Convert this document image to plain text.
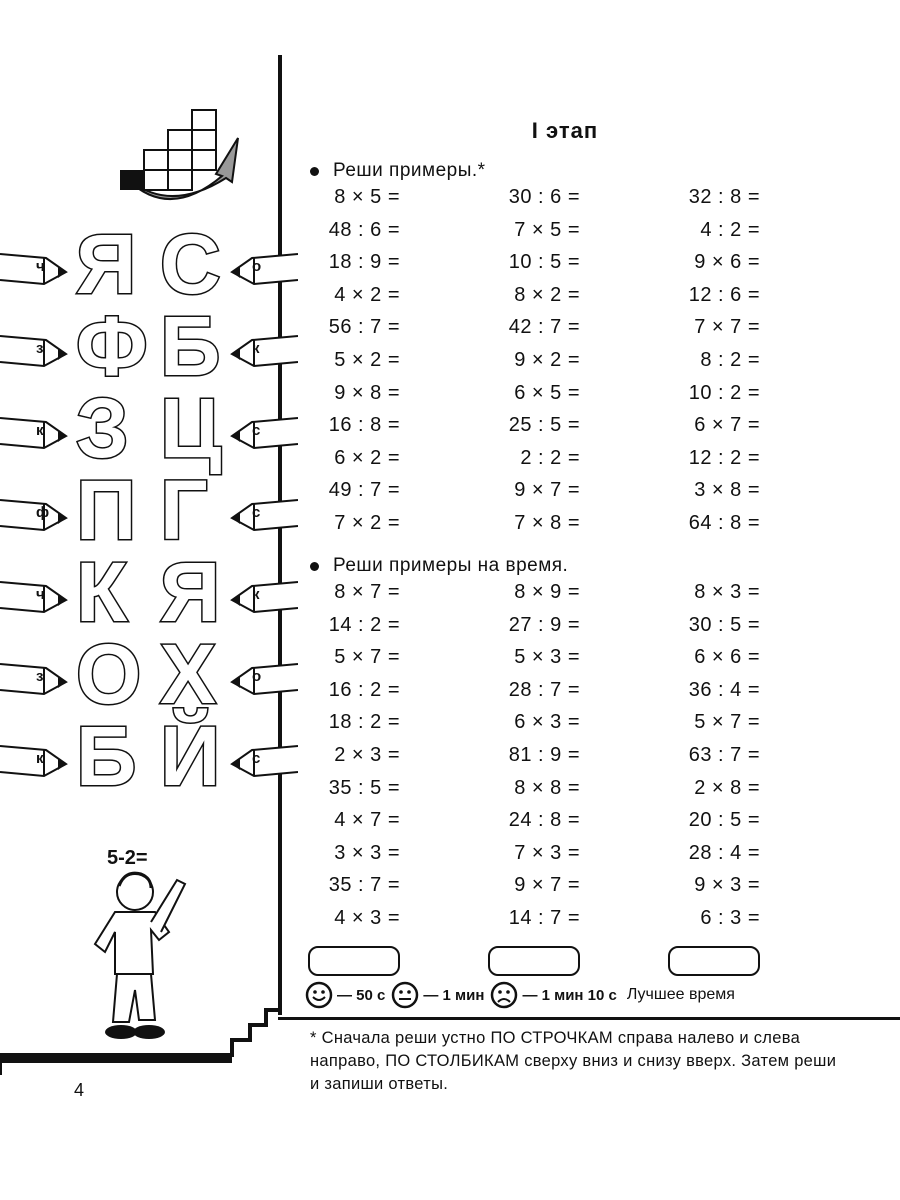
ч Я С о
з Ф Б к
к З Ц с
ф П Г	с
ч К Я к
з О Х о
к Б Й с
5-2=
I этап
Реши примеры.*
8 × 5 =	30 : 6 =	32 : 8 =
48 : 6 =	7 × 5 =	4 : 2 =
18 : 9 =	10 : 5 =	9 × 6 =
4 × 2 =	8 × 2 =	12 : 6 =
56 : 7 =	42 : 7 =	7 × 7 =
5 × 2 =	9 × 2 =	8 : 2 =
9 × 8 =	6 × 5 =	10 : 2 =
16 : 8 =	25 : 5 =	6 × 7 =
6 × 2 =	2 : 2 =	12 : 2 =
49 : 7 =	9 × 7 =	3 × 8 =
7 × 2 =	7 × 8 =	64 : 8 =
Реши примеры на время.
8 × 7 =	8 × 9 =	8 × 3 =
14 : 2 =	27 : 9 =	30 : 5 =
5 × 7 =	5 × 3 =	6 × 6 =
16 : 2 =	28 : 7 =	36 : 4 =
18 : 2 =	6 × 3 =	5 × 7 =
2 × 3 =	81 : 9 =	63 : 7 =
35 : 5 =	8 × 8 =	2 × 8 =
4 × 7 =	24 : 8 =	20 : 5 =
3 × 3 =	7 × 3 =	28 : 4 =
35 : 7 =	9 × 7 =	9 × 3 =
4 × 3 =	14 : 7 =	6 : 3 =
— 50 с	— 1 мин	— 1 мин 10 с Лучшее время
* Сначала реши устно ПО СТРОЧКАМ справа налево и слева направо, ПО СТОЛБИКАМ сверху вниз и снизу вверх. Затем реши и запиши ответы.
4
